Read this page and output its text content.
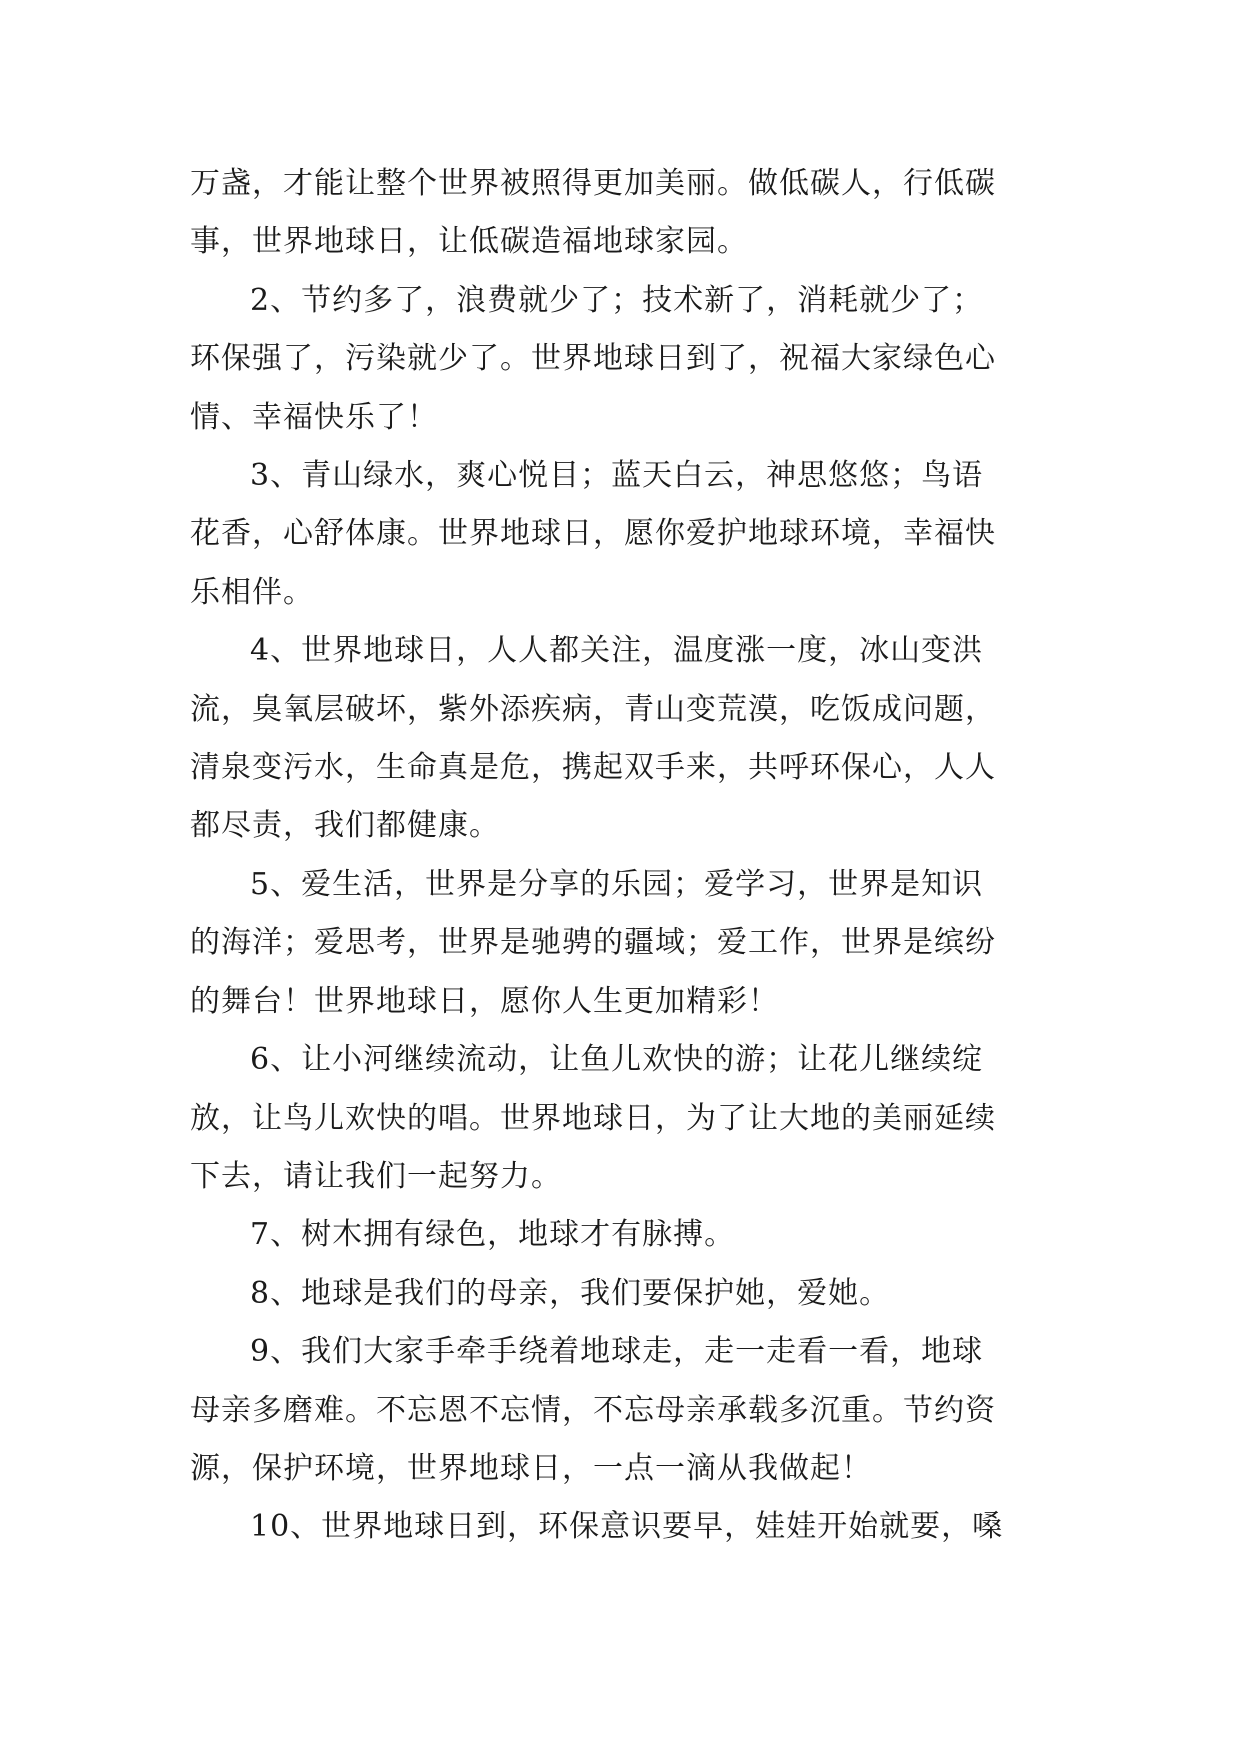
万盏，才能让整个世界被照得更加美丽。做低碳人，行低碳
事，世界地球日，让低碳造福地球家园。

2、节约多了，浪费就少了；技术新了，消耗就少了；
环保强了，污染就少了。世界地球日到了，祝福大家绿色心
情、幸福快乐了！

3、青山绿水，爽心悦目；蓝天白云，神思悠悠；鸟语
花香，心舒体康。世界地球日，愿你爱护地球环境，幸福快
乐相伴。

4、世界地球日，人人都关注，温度涨一度，冰山变洪
流，臭氧层破坏，紫外添疾病，青山变荒漠，吃饭成问题，
清泉变污水，生命真是危，携起双手来，共呼环保心，人人
都尽责，我们都健康。

5、爱生活，世界是分享的乐园；爱学习，世界是知识
的海洋；爱思考，世界是驰骋的疆域；爱工作，世界是缤纷
的舞台！世界地球日，愿你人生更加精彩！

6、让小河继续流动，让鱼儿欢快的游；让花儿继续绽
放，让鸟儿欢快的唱。世界地球日，为了让大地的美丽延续
下去，请让我们一起努力。

7、树木拥有绿色，地球才有脉搏。

8、地球是我们的母亲，我们要保护她，爱她。

9、我们大家手牵手绕着地球走，走一走看一看，地球
母亲多磨难。不忘恩不忘情，不忘母亲承载多沉重。节约资
源，保护环境，世界地球日，一点一滴从我做起！

10、世界地球日到，环保意识要早，娃娃开始就要，嗓
